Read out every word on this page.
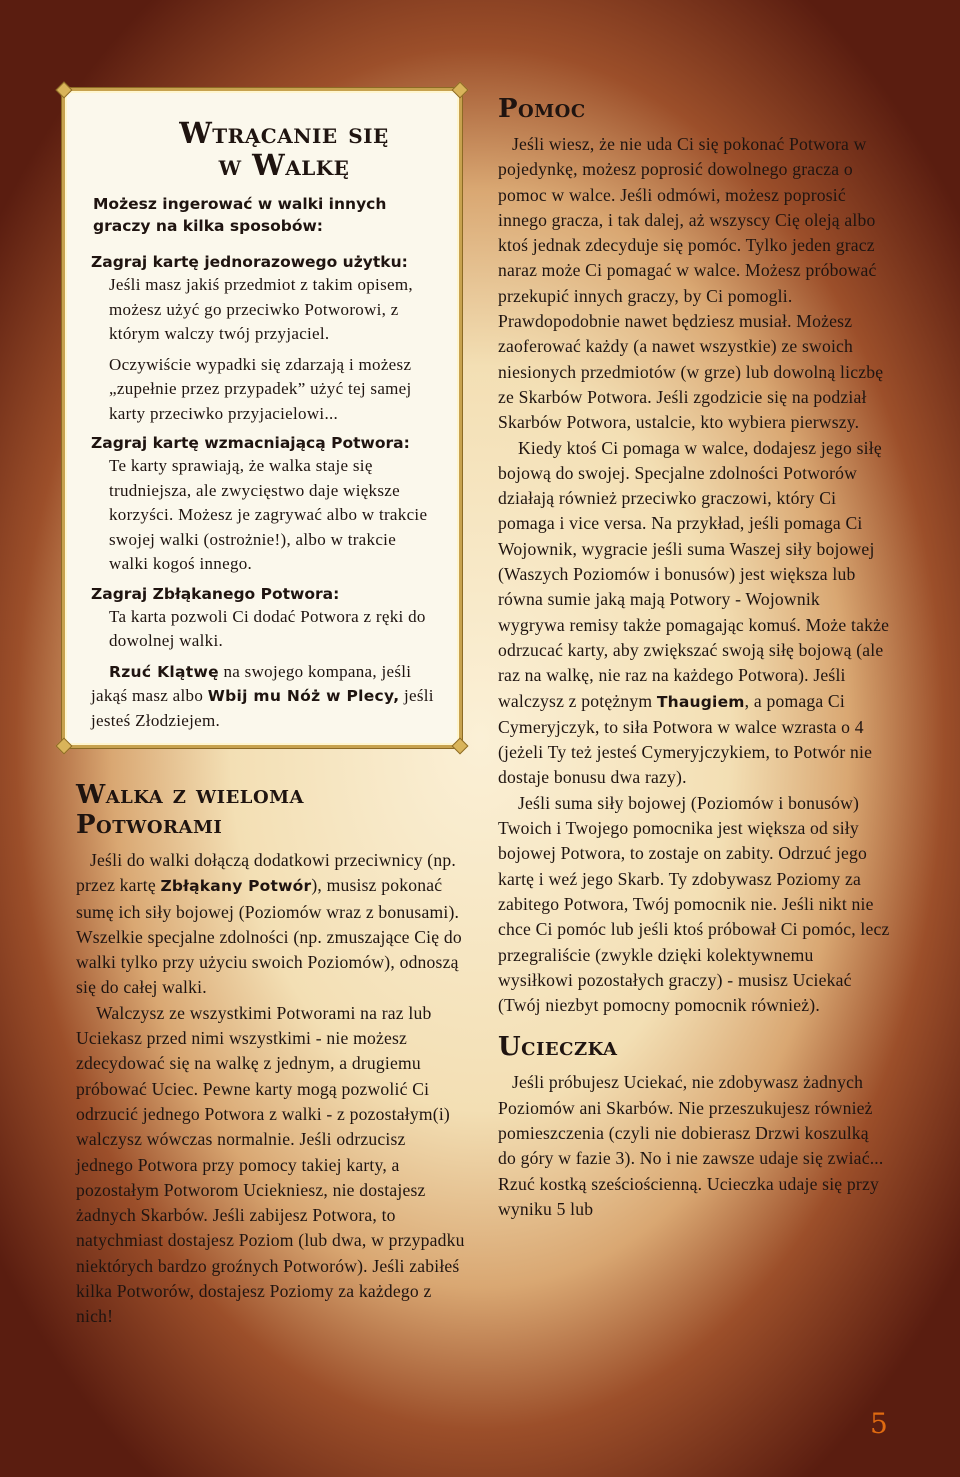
Wtrącanie się
w Walkę

Możesz ingerować w walki innych graczy na kilka sposobów:

Zagraj kartę jednorazowego użytku:

Jeśli masz jakiś przedmiot z takim opisem, możesz użyć go przeciwko Potworowi, z którym walczy twój przyjaciel.

Oczywiście wypadki się zdarzają i możesz „zupełnie przez przypadek” użyć tej samej karty przeciwko przyjacielowi...

Zagraj kartę wzmacniającą Potwora:

Te karty sprawiają, że walka staje się trudniejsza, ale zwycięstwo daje większe korzyści. Możesz je zagrywać albo w trakcie swojej walki (ostrożnie!), albo w trakcie walki kogoś innego.

Zagraj Zbłąkanego Potwora:

Ta karta pozwoli Ci dodać Potwora z ręki do dowolnej walki.

Rzuć Klątwę na swojego kompana, jeśli jakąś masz albo Wbij mu Nóż w Plecy, jeśli jesteś Złodziejem.

Walka z wieloma
Potworami

Jeśli do walki dołączą dodatkowi przeciwnicy (np. przez kartę Zbłąkany Potwór), musisz pokonać sumę ich siły bojowej (Poziomów wraz z bonusami). Wszelkie specjalne zdolności (np. zmuszające Cię do walki tylko przy użyciu swoich Poziomów), odnoszą się do całej walki.

Walczysz ze wszystkimi Potworami na raz lub Uciekasz przed nimi wszystkimi - nie możesz zdecydować się na walkę z jednym, a drugiemu próbować Uciec. Pewne karty mogą pozwolić Ci odrzucić jednego Potwora z walki - z pozostałym(i) walczysz wówczas normalnie. Jeśli odrzucisz jednego Potwora przy pomocy takiej karty, a pozostałym Potworom Uciekniesz, nie dostajesz żadnych Skarbów. Jeśli zabijesz Potwora, to natychmiast dostajesz Poziom (lub dwa, w przypadku niektórych bardzo groźnych Potworów). Jeśli zabiłeś kilka Potworów, dostajesz Poziomy za każdego z nich!

Pomoc

Jeśli wiesz, że nie uda Ci się pokonać Potwora w pojedynkę, możesz poprosić dowolnego gracza o pomoc w walce. Jeśli odmówi, możesz poprosić innego gracza, i tak dalej, aż wszyscy Cię oleją albo ktoś jednak zdecyduje się pomóc. Tylko jeden gracz naraz może Ci pomagać w walce. Możesz próbować przekupić innych graczy, by Ci pomogli. Prawdopodobnie nawet będziesz musiał. Możesz zaoferować każdy (a nawet wszystkie) ze swoich niesionych przedmiotów (w grze) lub dowolną liczbę ze Skarbów Potwora. Jeśli zgodzicie się na podział Skarbów Potwora, ustalcie, kto wybiera pierwszy.

Kiedy ktoś Ci pomaga w walce, dodajesz jego siłę bojową do swojej. Specjalne zdolności Potworów działają również przeciwko graczowi, który Ci pomaga i vice versa. Na przykład, jeśli pomaga Ci Wojownik, wygracie jeśli suma Waszej siły bojowej (Waszych Poziomów i bonusów) jest większa lub równa sumie jaką mają Potwory - Wojownik wygrywa remisy także pomagając komuś. Może także odrzucać karty, aby zwiększać swoją siłę bojową (ale raz na walkę, nie raz na każdego Potwora). Jeśli walczysz z potężnym Thaugiem, a pomaga Ci Cymeryjczyk, to siła Potwora w walce wzrasta o 4 (jeżeli Ty też jesteś Cymeryjczykiem, to Potwór nie dostaje bonusu dwa razy).

Jeśli suma siły bojowej (Poziomów i bonusów) Twoich i Twojego pomocnika jest większa od siły bojowej Potwora, to zostaje on zabity. Odrzuć jego kartę i weź jego Skarb. Ty zdobywasz Poziomy za zabitego Potwora, Twój pomocnik nie. Jeśli nikt nie chce Ci pomóc lub jeśli ktoś próbował Ci pomóc, lecz przegraliście (zwykle dzięki kolektywnemu wysiłkowi pozostałych graczy) - musisz Uciekać (Twój niezbyt pomocny pomocnik również).

Ucieczka

Jeśli próbujesz Uciekać, nie zdobywasz żadnych Poziomów ani Skarbów. Nie przeszukujesz również pomieszczenia (czyli nie dobierasz Drzwi koszulką do góry w fazie 3). No i nie zawsze udaje się zwiać... Rzuć kostką sześciościenną. Ucieczka udaje się przy wyniku 5 lub

5
